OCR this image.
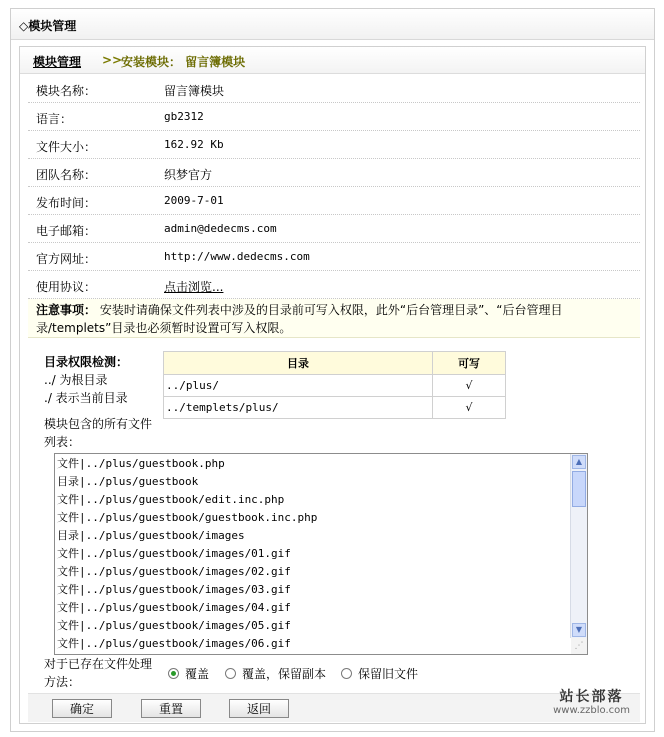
◇模块管理
模块管理 >>
安装模块： 留言簿模块
模块名称：	留言簿模块
语言：	gb2312
文件大小：	162.92 Kb
团队名称：	织梦官方
发布时间：	2009-7-01
电子邮箱：	admin@dedecms.com
官方网址：	http://www.dedecms.com
使用协议：	点击浏览...
注意事项： 安装时请确保文件列表中涉及的目录前可写入权限，此外“后台管理目录”、“后台管理目录/templets”目录也必须暂时设置可写入权限。
目录权限检测：
../ 为根目录
./ 表示当前目录
目录	可写
../plus/	√
../templets/plus/	√
模块包含的所有文件列表：
文件|../plus/guestbook.php
目录|../plus/guestbook
文件|../plus/guestbook/edit.inc.php
文件|../plus/guestbook/guestbook.inc.php
目录|../plus/guestbook/images
文件|../plus/guestbook/images/01.gif
文件|../plus/guestbook/images/02.gif
文件|../plus/guestbook/images/03.gif
文件|../plus/guestbook/images/04.gif
文件|../plus/guestbook/images/05.gif
文件|../plus/guestbook/images/06.gif
▲
▼
⋰
对于已存在文件处理方法：
覆盖	覆盖，保留副本	保留旧文件
确定	重置	返回
站长部落
www.zzblo.com
